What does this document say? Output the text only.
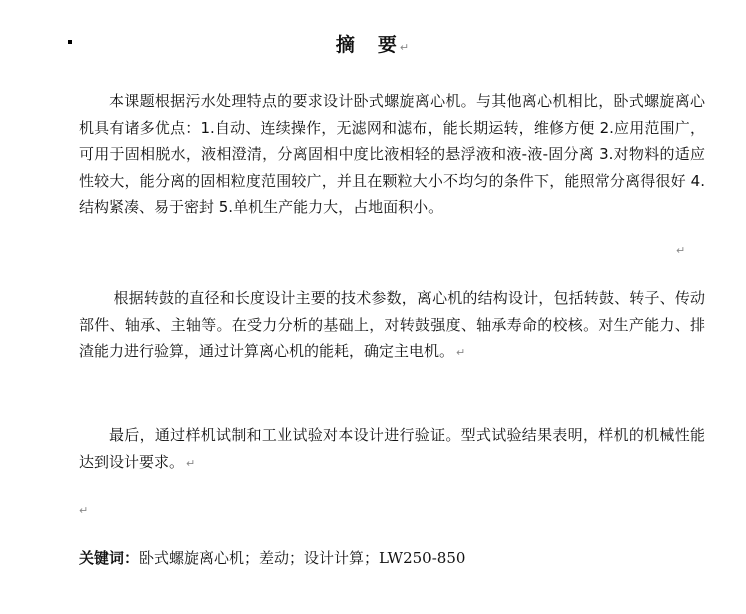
摘 要 ↵

本课题根据污水处理特点的要求设计卧式螺旋离心机。与其他离心机相比，卧式螺旋离心机具有诸多优点：1.自动、连续操作，无滤网和滤布，能长期运转，维修方便 2.应用范围广，可用于固相脱水，液相澄清，分离固相中度比液相轻的悬浮液和液-液-固分离 3.对物料的适应性较大，能分离的固相粒度范围较广，并且在颗粒大小不均匀的条件下，能照常分离得很好 4.结构紧凑、易于密封 5.单机生产能力大，占地面积小。

↵

根据转鼓的直径和长度设计主要的技术参数，离心机的结构设计，包括转鼓、转子、传动部件、轴承、主轴等。在受力分析的基础上，对转鼓强度、轴承寿命的校核。对生产能力、排渣能力进行验算，通过计算离心机的能耗，确定主电机。 ↵

最后，通过样机试制和工业试验对本设计进行验证。型式试验结果表明，样机的机械性能达到设计要求。 ↵

↵
关键词：卧式螺旋离心机；差动；设计计算；LW250-850
